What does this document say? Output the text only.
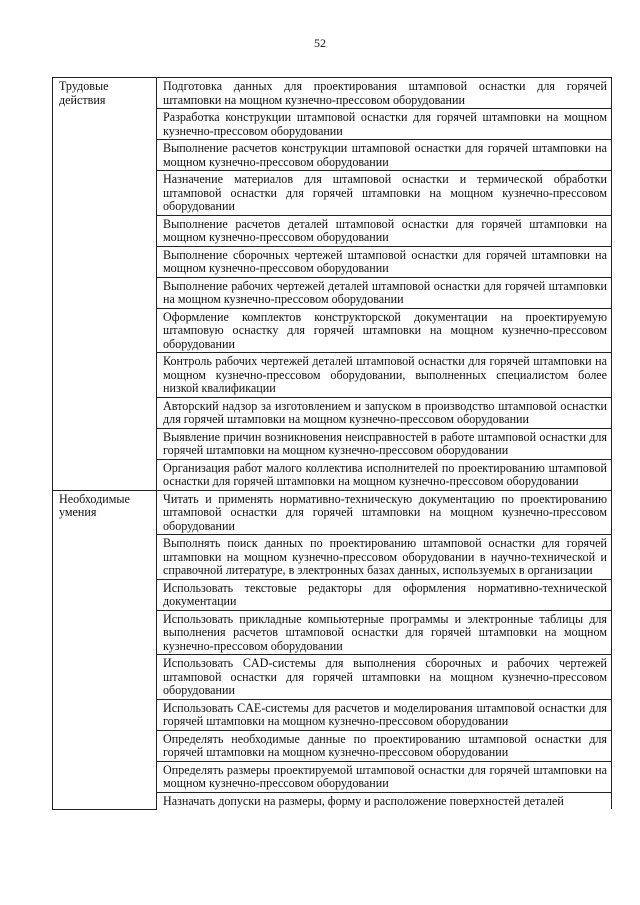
52
Трудовые действия	Подготовка данных для проектирования штамповой оснастки для горячей штамповки на мощном кузнечно-прессовом оборудовании
	Разработка конструкции штамповой оснастки для горячей штамповки на мощном кузнечно-прессовом оборудовании
	Выполнение расчетов конструкции штамповой оснастки для горячей штамповки на мощном кузнечно-прессовом оборудовании
	Назначение материалов для штамповой оснастки и термической обработки штамповой оснастки для горячей штамповки на мощном кузнечно-прессовом оборудовании
	Выполнение расчетов деталей штамповой оснастки для горячей штамповки на мощном кузнечно-прессовом оборудовании
	Выполнение сборочных чертежей штамповой оснастки для горячей штамповки на мощном кузнечно-прессовом оборудовании
	Выполнение рабочих чертежей деталей штамповой оснастки для горячей штамповки на мощном кузнечно-прессовом оборудовании
	Оформление комплектов конструкторской документации на проектируемую штамповую оснастку для горячей штамповки на мощном кузнечно-прессовом оборудовании
	Контроль рабочих чертежей деталей штамповой оснастки для горячей штамповки на мощном кузнечно-прессовом оборудовании, выполненных специалистом более низкой квалификации
	Авторский надзор за изготовлением и запуском в производство штамповой оснастки для горячей штамповки на мощном кузнечно-прессовом оборудовании
	Выявление причин возникновения неисправностей в работе штамповой оснастки для горячей штамповки на мощном кузнечно-прессовом оборудовании
	Организация работ малого коллектива исполнителей по проектированию штамповой оснастки для горячей штамповки на мощном кузнечно-прессовом оборудовании
Необходимые умения	Читать и применять нормативно-техническую документацию по проектированию штамповой оснастки для горячей штамповки на мощном кузнечно-прессовом оборудовании
	Выполнять поиск данных по проектированию штамповой оснастки для горячей штамповки на мощном кузнечно-прессовом оборудовании в научно-технической и справочной литературе, в электронных базах данных, используемых в организации
	Использовать текстовые редакторы для оформления нормативно-технической документации
	Использовать прикладные компьютерные программы и электронные таблицы для выполнения расчетов штамповой оснастки для горячей штамповки на мощном кузнечно-прессовом оборудовании
	Использовать CAD-системы для выполнения сборочных и рабочих чертежей штамповой оснастки для горячей штамповки на мощном кузнечно-прессовом оборудовании
	Использовать CAE-системы для расчетов и моделирования штамповой оснастки для горячей штамповки на мощном кузнечно-прессовом оборудовании
	Определять необходимые данные по проектированию штамповой оснастки для горячей штамповки на мощном кузнечно-прессовом оборудовании
	Определять размеры проектируемой штамповой оснастки для горячей штамповки на мощном кузнечно-прессовом оборудовании
	Назначать допуски на размеры, форму и расположение поверхностей деталей
